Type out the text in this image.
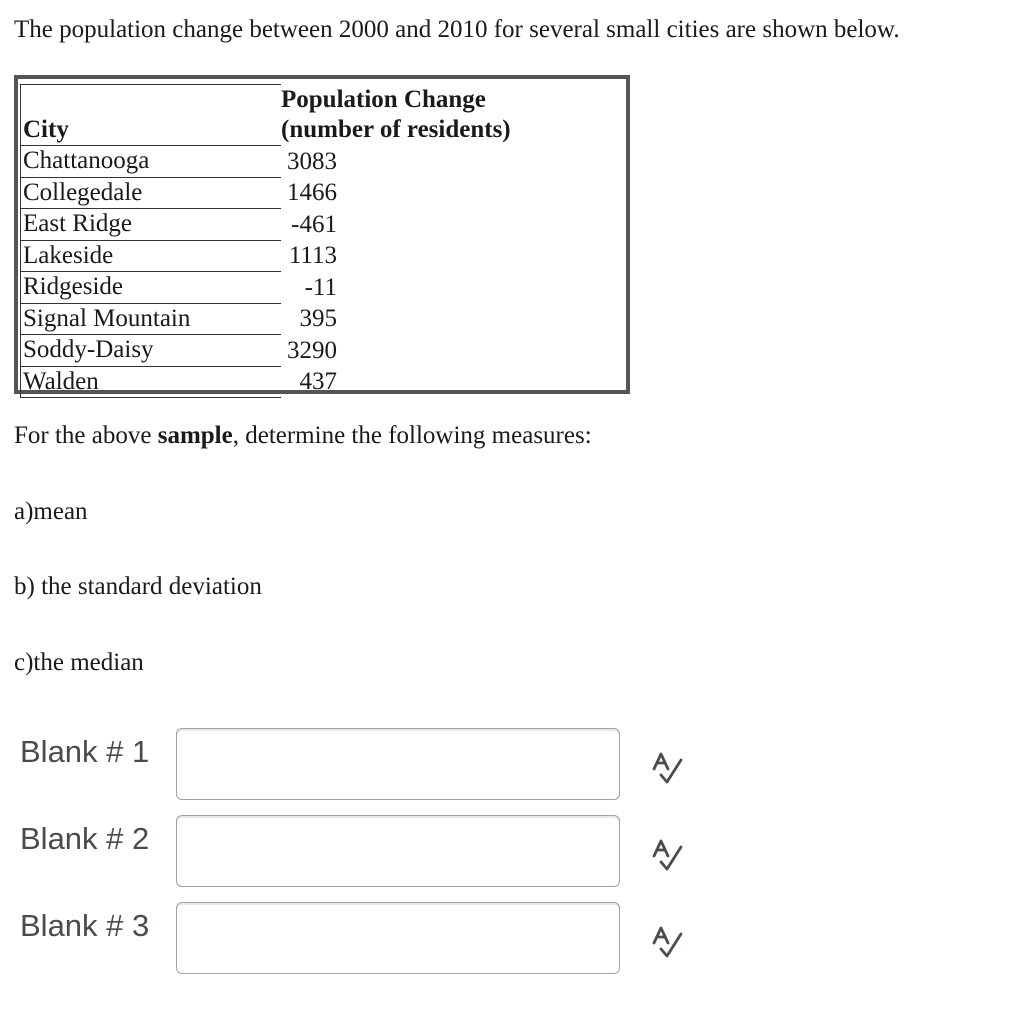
The population change between 2000 and 2010 for several small cities are shown below.

City	Population Change
(number of residents)

Chattanooga	3083

Collegedale	1466

East Ridge	-461

Lakeside	1113

Ridgeside	-11

Signal Mountain	395

Soddy-Daisy	3290

Walden	437

For the above sample, determine the following measures:

a)mean

b) the standard deviation

c)the median

Blank # 1
Blank # 2
Blank # 3
